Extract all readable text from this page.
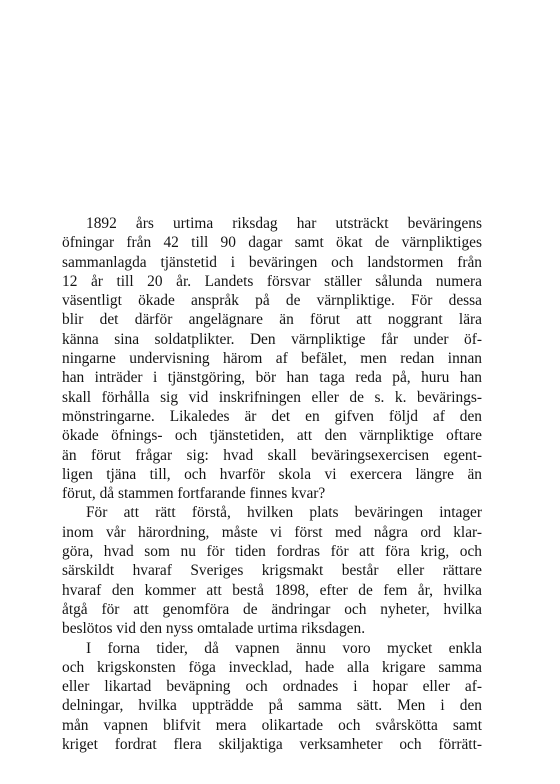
1892 års urtima riksdag har utsträckt beväringens
öfningar från 42 till 90 dagar samt ökat de värnpliktiges
sammanlagda tjänstetid i beväringen och landstormen från
12 år till 20 år. Landets försvar ställer sålunda numera
väsentligt ökade anspråk på de värnpliktige. För dessa
blir det därför angelägnare än förut att noggrant lära
känna sina soldatplikter. Den värnpliktige får under öf-
ningarne undervisning härom af befälet, men redan innan
han inträder i tjänstgöring, bör han taga reda på, huru han
skall förhålla sig vid inskrifningen eller de s. k. bevärings-
mönstringarne. Likaledes är det en gifven följd af den
ökade öfnings- och tjänstetiden, att den värnpliktige oftare
än förut frågar sig: hvad skall beväringsexercisen egent-
ligen tjäna till, och hvarför skola vi exercera längre än
förut, då stammen fortfarande finnes kvar?
För att rätt förstå, hvilken plats beväringen intager
inom vår härordning, måste vi först med några ord klar-
göra, hvad som nu för tiden fordras för att föra krig, och
särskildt hvaraf Sveriges krigsmakt består eller rättare
hvaraf den kommer att bestå 1898, efter de fem år, hvilka
åtgå för att genomföra de ändringar och nyheter, hvilka
beslötos vid den nyss omtalade urtima riksdagen.
I forna tider, då vapnen ännu voro mycket enkla
och krigskonsten föga invecklad, hade alla krigare samma
eller likartad beväpning och ordnades i hopar eller af-
delningar, hvilka uppträdde på samma sätt. Men i den
mån vapnen blifvit mera olikartade och svårskötta samt
kriget fordrat flera skiljaktiga verksamheter och förrätt-
